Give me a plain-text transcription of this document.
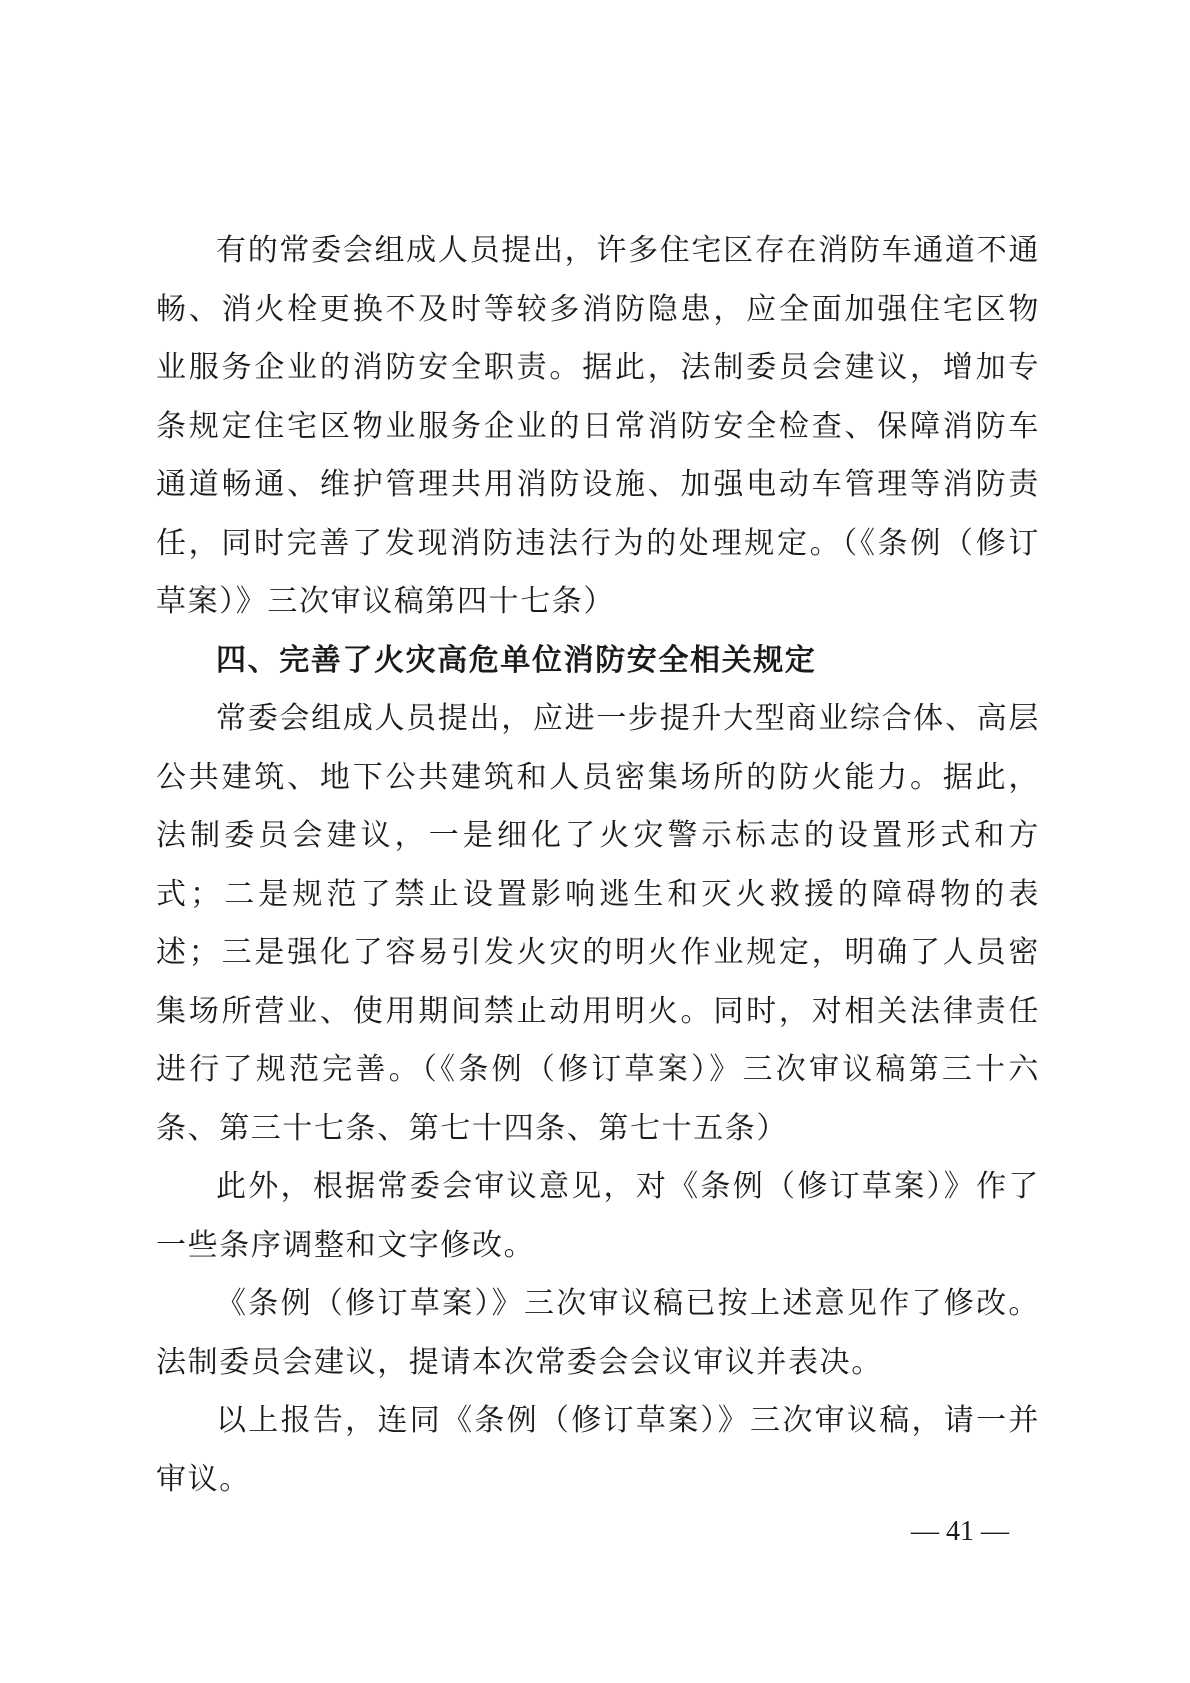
有的常委会组成人员提出，许多住宅区存在消防车通道不通畅、消火栓更换不及时等较多消防隐患，应全面加强住宅区物业服务企业的消防安全职责。据此，法制委员会建议，增加专条规定住宅区物业服务企业的日常消防安全检查、保障消防车通道畅通、维护管理共用消防设施、加强电动车管理等消防责任，同时完善了发现消防违法行为的处理规定。（《条例（修订草案）》三次审议稿第四十七条）

四、完善了火灾高危单位消防安全相关规定

常委会组成人员提出，应进一步提升大型商业综合体、高层公共建筑、地下公共建筑和人员密集场所的防火能力。据此，法制委员会建议，一是细化了火灾警示标志的设置形式和方式；二是规范了禁止设置影响逃生和灭火救援的障碍物的表述；三是强化了容易引发火灾的明火作业规定，明确了人员密集场所营业、使用期间禁止动用明火。同时，对相关法律责任进行了规范完善。（《条例（修订草案）》三次审议稿第三十六条、第三十七条、第七十四条、第七十五条）

此外，根据常委会审议意见，对《条例（修订草案）》作了一些条序调整和文字修改。

《条例（修订草案）》三次审议稿已按上述意见作了修改。法制委员会建议，提请本次常委会会议审议并表决。

以上报告，连同《条例（修订草案）》三次审议稿，请一并审议。

— 41 —
